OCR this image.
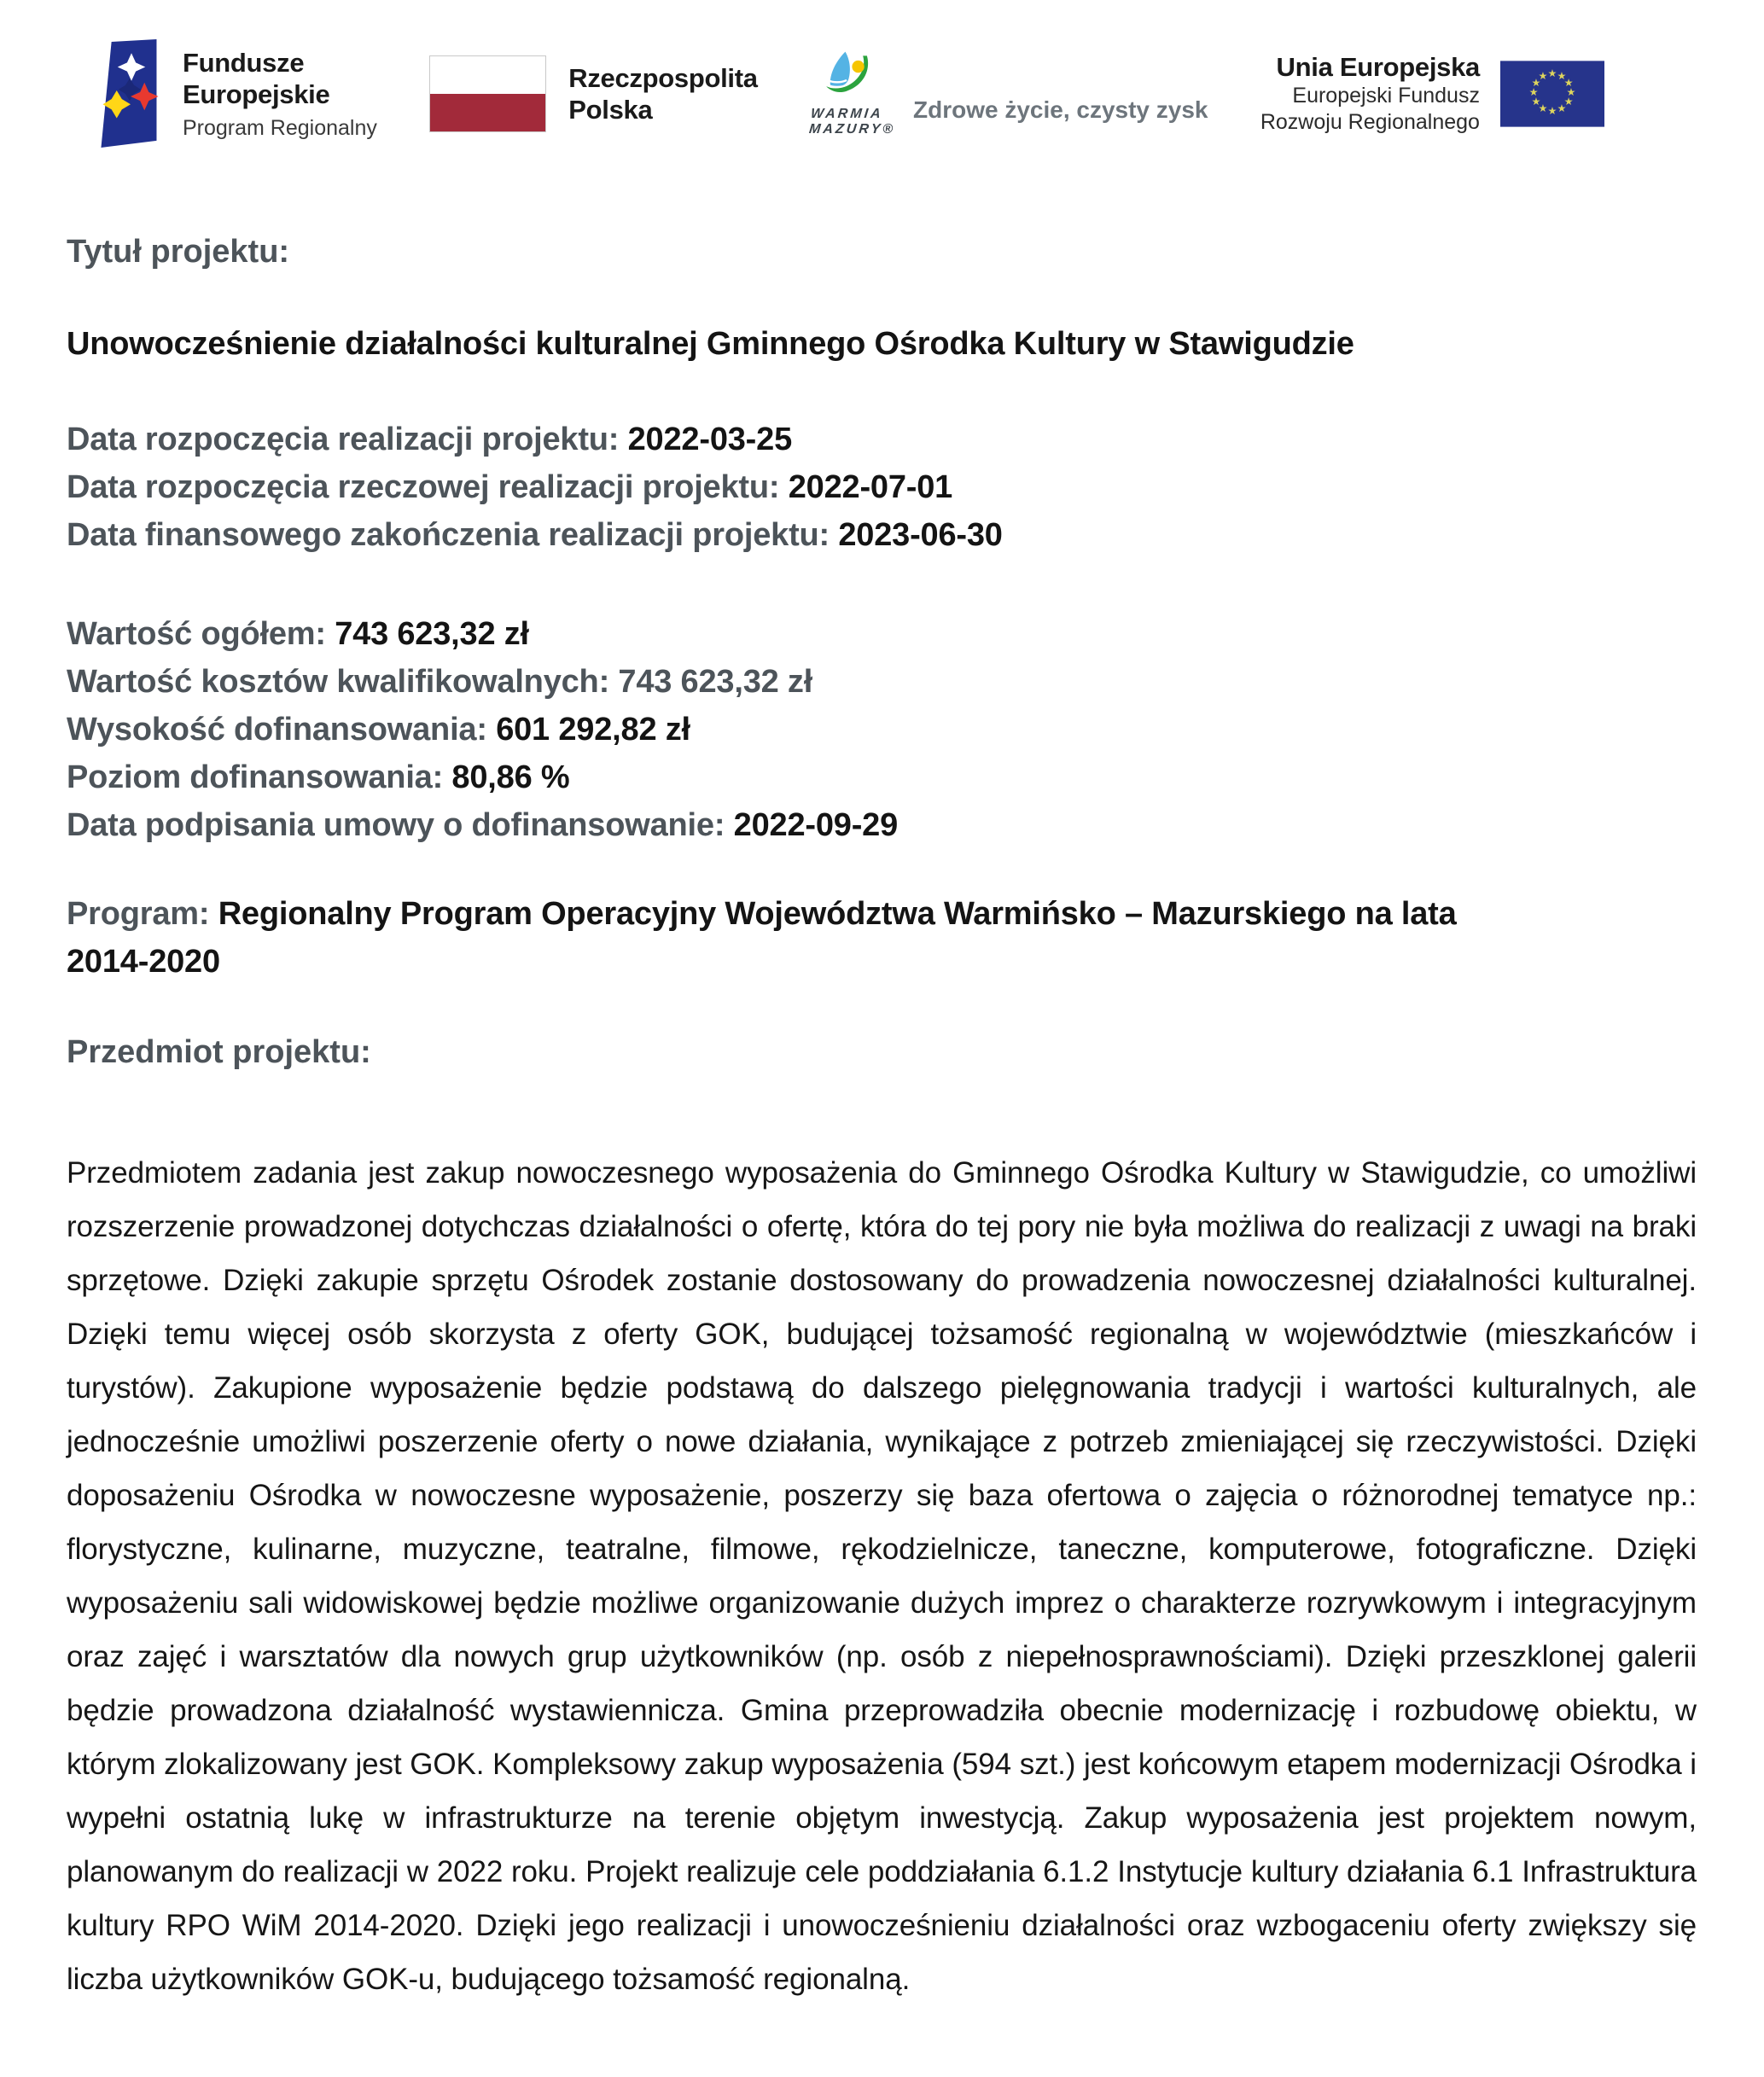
Fundusze
Europejskie
Program Regionalny
Rzeczpospolita
Polska	WARMIA
MAZURY®
Zdrowe życie, czysty zysk
Unia Europejska
Europejski Fundusz
Rozwoju Regionalnego
★ ★
★
★
★
★
★
★
★
★
★
★
Tytuł projektu:

Unowocześnienie działalności kulturalnej Gminnego Ośrodka Kultury w Stawigudzie

Data rozpoczęcia realizacji projektu: 2022-03-25

Data rozpoczęcia rzeczowej realizacji projektu: 2022-07-01

Data finansowego zakończenia realizacji projektu: 2023-06-30

Wartość ogółem: 743 623,32 zł

Wartość kosztów kwalifikowalnych: 743 623,32 zł

Wysokość dofinansowania: 601 292,82 zł

Poziom dofinansowania: 80,86 %

Data podpisania umowy o dofinansowanie: 2022-09-29

Program: Regionalny Program Operacyjny Województwa Warmińsko – Mazurskiego na lata 2014-2020

Przedmiot projektu:

Przedmiotem zadania jest zakup nowoczesnego wyposażenia do Gminnego Ośrodka Kultury w Stawigudzie, co umożliwi rozszerzenie prowadzonej dotychczas działalności o ofertę, która do tej pory nie była możliwa do realizacji z uwagi na braki sprzętowe. Dzięki zakupie sprzętu Ośrodek zostanie dostosowany do prowadzenia nowoczesnej działalności kulturalnej. Dzięki temu więcej osób skorzysta z oferty GOK, budującej tożsamość regionalną w województwie (mieszkańców i turystów). Zakupione wyposażenie będzie podstawą do dalszego pielęgnowania tradycji i wartości kulturalnych, ale jednocześnie umożliwi poszerzenie oferty o nowe działania, wynikające z potrzeb zmieniającej się rzeczywistości. Dzięki doposażeniu Ośrodka w nowoczesne wyposażenie, poszerzy się baza ofertowa o zajęcia o różnorodnej tematyce np.: florystyczne, kulinarne, muzyczne, teatralne, filmowe, rękodzielnicze, taneczne, komputerowe, fotograficzne. Dzięki wyposażeniu sali widowiskowej będzie możliwe organizowanie dużych imprez o charakterze rozrywkowym i integracyjnym oraz zajęć i warsztatów dla nowych grup użytkowników (np. osób z niepełnosprawnościami). Dzięki przeszklonej galerii będzie prowadzona działalność wystawiennicza. Gmina przeprowadziła obecnie modernizację i rozbudowę obiektu, w którym zlokalizowany jest GOK. Kompleksowy zakup wyposażenia (594 szt.) jest końcowym etapem modernizacji Ośrodka i wypełni ostatnią lukę w infrastrukturze na terenie objętym inwestycją. Zakup wyposażenia jest projektem nowym, planowanym do realizacji w 2022 roku. Projekt realizuje cele poddziałania 6.1.2 Instytucje kultury działania 6.1 Infrastruktura kultury RPO WiM 2014-2020. Dzięki jego realizacji i unowocześnieniu działalności oraz wzbogaceniu oferty zwiększy się liczba użytkowników GOK-u, budującego tożsamość regionalną.
